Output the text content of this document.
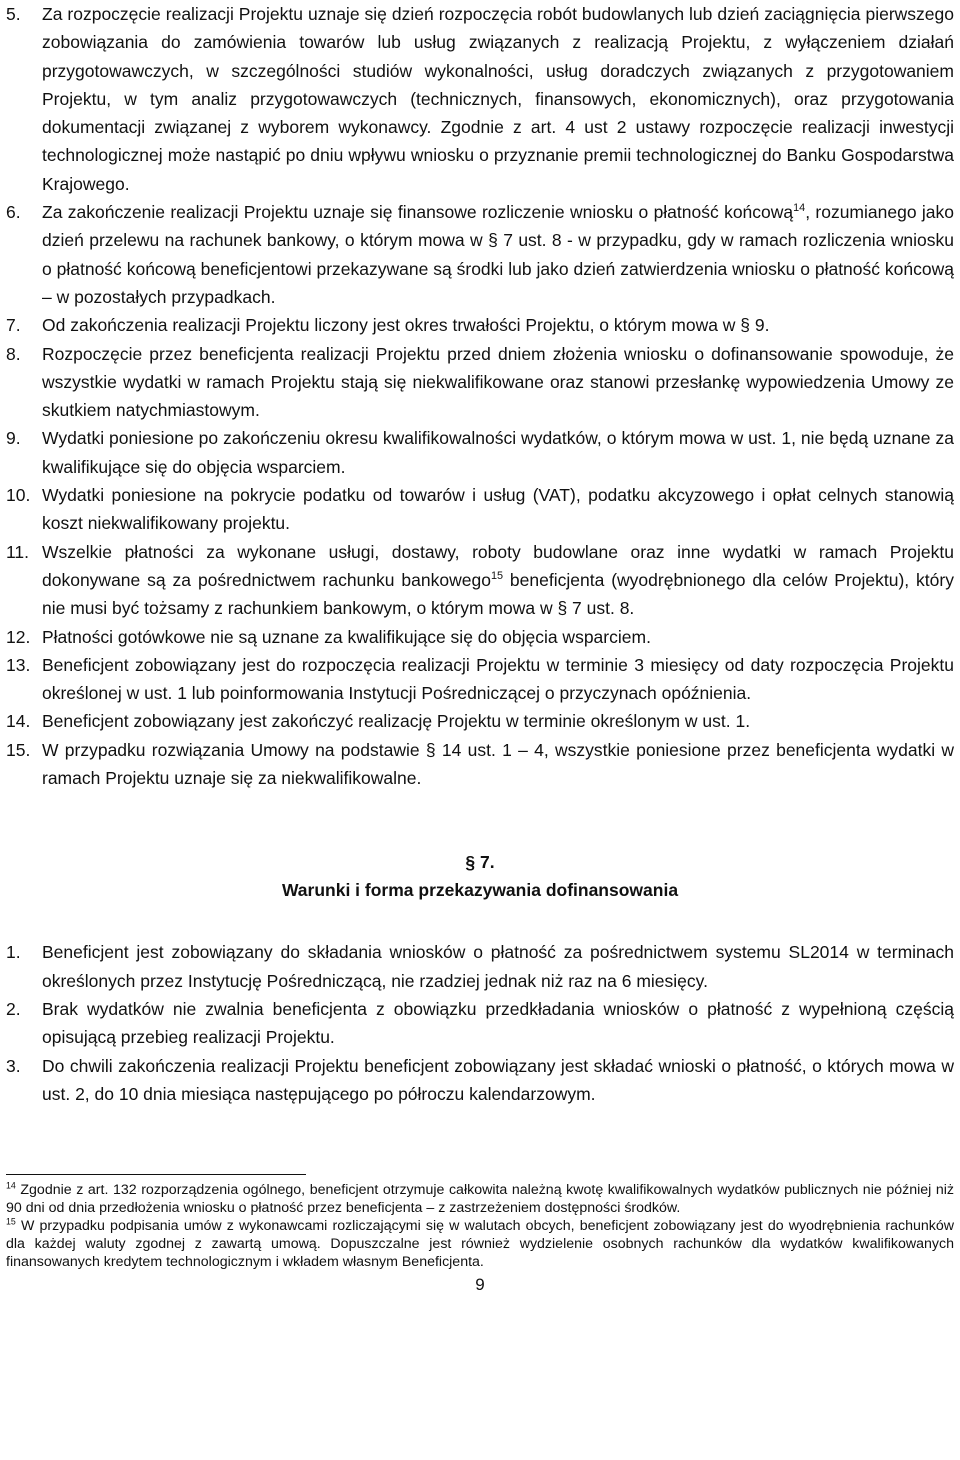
5. Za rozpoczęcie realizacji Projektu uznaje się dzień rozpoczęcia robót budowlanych lub dzień zaciągnięcia pierwszego zobowiązania do zamówienia towarów lub usług związanych z realizacją Projektu, z wyłączeniem działań przygotowawczych, w szczególności studiów wykonalności, usług doradczych związanych z przygotowaniem Projektu, w tym analiz przygotowawczych (technicznych, finansowych, ekonomicznych), oraz przygotowania dokumentacji związanej z wyborem wykonawcy. Zgodnie z art. 4 ust 2 ustawy rozpoczęcie realizacji inwestycji technologicznej może nastąpić po dniu wpływu wniosku o przyznanie premii technologicznej do Banku Gospodarstwa Krajowego.
6. Za zakończenie realizacji Projektu uznaje się finansowe rozliczenie wniosku o płatność końcową$^{14}$, rozumianego jako dzień przelewu na rachunek bankowy, o którym mowa w § 7 ust. 8 - w przypadku, gdy w ramach rozliczenia wniosku o płatność końcową beneficjentowi przekazywane są środki lub jako dzień zatwierdzenia wniosku o płatność końcową – w pozostałych przypadkach.
7. Od zakończenia realizacji Projektu liczony jest okres trwałości Projektu, o którym mowa w § 9.
8. Rozpoczęcie przez beneficjenta realizacji Projektu przed dniem złożenia wniosku o dofinansowanie spowoduje, że wszystkie wydatki w ramach Projektu stają się niekwalifikowane oraz stanowi przesłankę wypowiedzenia Umowy ze skutkiem natychmiastowym.
9. Wydatki poniesione po zakończeniu okresu kwalifikowalności wydatków, o którym mowa w ust. 1, nie będą uznane za kwalifikujące się do objęcia wsparciem.
10. Wydatki poniesione na pokrycie podatku od towarów i usług (VAT), podatku akcyzowego i opłat celnych stanowią koszt niekwalifikowany projektu.
11. Wszelkie płatności za wykonane usługi, dostawy, roboty budowlane oraz inne wydatki w ramach Projektu dokonywane są za pośrednictwem rachunku bankowego$^{15}$ beneficjenta (wyodrębnionego dla celów Projektu), który nie musi być tożsamy z rachunkiem bankowym, o którym mowa w § 7 ust. 8.
12. Płatności gotówkowe nie są uznane za kwalifikujące się do objęcia wsparciem.
13. Beneficjent zobowiązany jest do rozpoczęcia realizacji Projektu w terminie 3 miesięcy od daty rozpoczęcia Projektu określonej w ust. 1 lub poinformowania Instytucji Pośredniczącej o przyczynach opóźnienia.
14. Beneficjent zobowiązany jest zakończyć realizację Projektu w terminie określonym w ust. 1.
15. W przypadku rozwiązania Umowy na podstawie § 14 ust. 1 – 4, wszystkie poniesione przez beneficjenta wydatki w ramach Projektu uznaje się za niekwalifikowalne.
§ 7.
Warunki i forma przekazywania dofinansowania
1. Beneficjent jest zobowiązany do składania wniosków o płatność za pośrednictwem systemu SL2014 w terminach określonych przez Instytucję Pośredniczącą, nie rzadziej jednak niż raz na 6 miesięcy.
2. Brak wydatków nie zwalnia beneficjenta z obowiązku przedkładania wniosków o płatność z wypełnioną częścią opisującą przebieg realizacji Projektu.
3. Do chwili zakończenia realizacji Projektu beneficjent zobowiązany jest składać wnioski o płatność, o których mowa w ust. 2, do 10 dnia miesiąca następującego po półroczu kalendarzowym.
$^{14}$ Zgodnie z art. 132 rozporządzenia ogólnego, beneficjent otrzymuje całkowita należną kwotę kwalifikowalnych wydatków publicznych nie później niż 90 dni od dnia przedłożenia wniosku o płatność przez beneficjenta – z zastrzeżeniem dostępności środków.
$^{15}$ W przypadku podpisania umów z wykonawcami rozliczającymi się w walutach obcych, beneficjent zobowiązany jest do wyodrębnienia rachunków dla każdej waluty zgodnej z zawartą umową. Dopuszczalne jest również wydzielenie osobnych rachunków dla wydatków kwalifikowanych finansowanych kredytem technologicznym i wkładem własnym Beneficjenta.
9
